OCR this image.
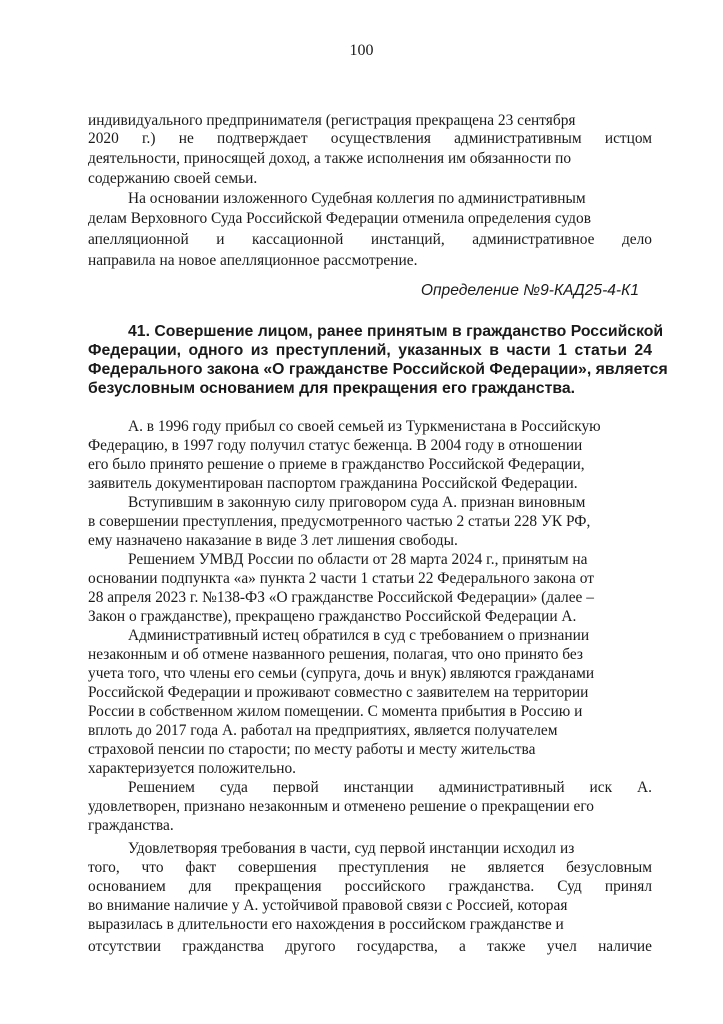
100

индивидуального предпринимателя (регистрация прекращена 23 сентября

2020 г.) не подтверждает осуществления административным истцом

деятельности, приносящей доход, а также исполнения им обязанности по

содержанию своей семьи.

На основании изложенного Судебная коллегия по административным

делам Верховного Суда Российской Федерации отменила определения судов

апелляционной и кассационной инстанций, административное дело

направила на новое апелляционное рассмотрение.

Определение №9-КАД25-4-К1

41. Совершение лицом, ранее принятым в гражданство Российской

Федерации, одного из преступлений, указанных в части 1 статьи 24

Федерального закона «О гражданстве Российской Федерации», является

безусловным основанием для прекращения его гражданства.

А. в 1996 году прибыл со своей семьей из Туркменистана в Российскую

Федерацию, в 1997 году получил статус беженца. В 2004 году в отношении

его было принято решение о приеме в гражданство Российской Федерации,

заявитель документирован паспортом гражданина Российской Федерации.

Вступившим в законную силу приговором суда А. признан виновным

в совершении преступления, предусмотренного частью 2 статьи 228 УК РФ,

ему назначено наказание в виде 3 лет лишения свободы.

Решением УМВД России по области от 28 марта 2024 г., принятым на

основании подпункта «а» пункта 2 части 1 статьи 22 Федерального закона от

28 апреля 2023 г. №138-ФЗ «О гражданстве Российской Федерации» (далее –

Закон о гражданстве), прекращено гражданство Российской Федерации А.

Административный истец обратился в суд с требованием о признании

незаконным и об отмене названного решения, полагая, что оно принято без

учета того, что члены его семьи (супруга, дочь и внук) являются гражданами

Российской Федерации и проживают совместно с заявителем на территории

России в собственном жилом помещении. С момента прибытия в Россию и

вплоть до 2017 года А. работал на предприятиях, является получателем

страховой пенсии по старости; по месту работы и месту жительства

характеризуется положительно.

Решением суда первой инстанции административный иск А.

удовлетворен, признано незаконным и отменено решение о прекращении его

гражданства.

Удовлетворяя требования в части, суд первой инстанции исходил из

того, что факт совершения преступления не является безусловным

основанием для прекращения российского гражданства. Суд принял

во внимание наличие у А. устойчивой правовой связи с Россией, которая

выразилась в длительности его нахождения в российском гражданстве и

отсутствии гражданства другого государства, а также учел наличие
